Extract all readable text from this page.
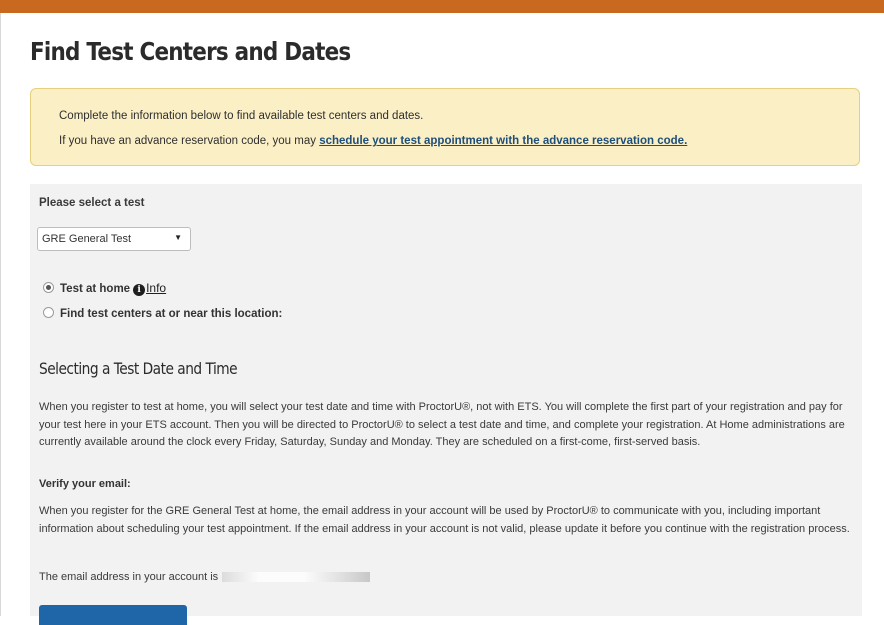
Find Test Centers and Dates
Complete the information below to find available test centers and dates.
If you have an advance reservation code, you may schedule your test appointment with the advance reservation code.
Please select a test
GRE General Test	▼
Test at home i Info
Find test centers at or near this location:
Selecting a Test Date and Time

When you register to test at home, you will select your test date and time with ProctorU®, not with ETS. You will complete the first part of your registration and pay for your test here in your ETS account. Then you will be directed to ProctorU® to select a test date and time, and complete your registration. At Home administrations are currently available around the clock every Friday, Saturday, Sunday and Monday. They are scheduled on a first-come, first-served basis.

Verify your email:

When you register for the GRE General Test at home, the email address in your account will be used by ProctorU® to communicate with you, including important information about scheduling your test appointment. If the email address in your account is not valid, please update it before you continue with the registration process.

The email address in your account is
